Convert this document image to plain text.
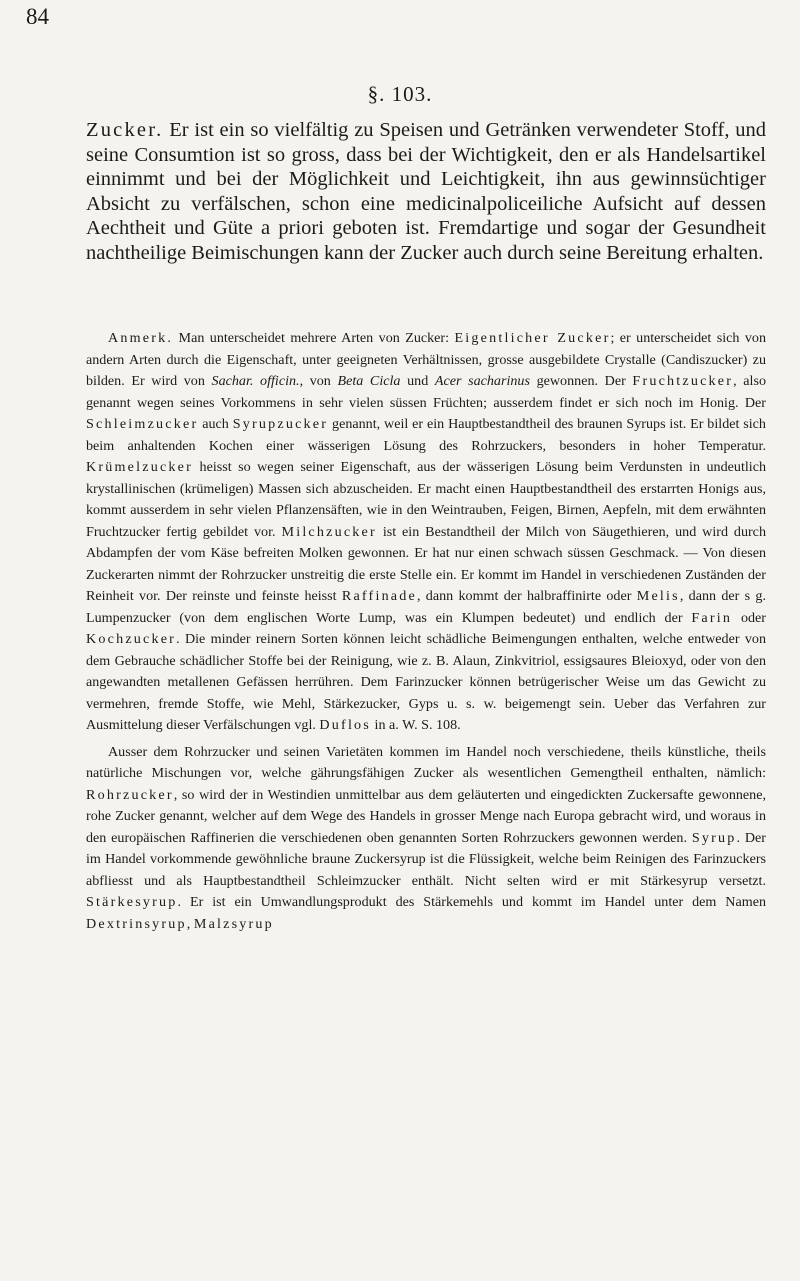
84
§. 103.

Zucker. Er ist ein so vielfältig zu Speisen und Getränken verwendeter Stoff, und seine Consumtion ist so gross, dass bei der Wichtigkeit, den er als Handelsartikel einnimmt und bei der Möglichkeit und Leichtigkeit, ihn aus gewinnsüchtiger Absicht zu verfälschen, schon eine medicinalpoliceiliche Aufsicht auf dessen Aechtheit und Güte a priori geboten ist. Fremdartige und sogar der Gesundheit nachtheilige Beimischungen kann der Zucker auch durch seine Bereitung erhalten.

Anmerk. Man unterscheidet mehrere Arten von Zucker: Eigentlicher Zucker; er unterscheidet sich von andern Arten durch die Eigenschaft, unter geeigneten Verhältnissen, grosse ausgebildete Crystalle (Candiszucker) zu bilden. Er wird von Sachar. officin., von Beta Cicla und Acer sacharinus gewonnen. Der Fruchtzucker, also genannt wegen seines Vorkommens in sehr vielen süssen Früchten; ausserdem findet er sich noch im Honig. Der Schleimzucker auch Syrupzucker genannt, weil er ein Hauptbestandtheil des braunen Syrups ist. Er bildet sich beim anhaltenden Kochen einer wässerigen Lösung des Rohrzuckers, besonders in hoher Temperatur. Krümelzucker heisst so wegen seiner Eigenschaft, aus der wässerigen Lösung beim Verdunsten in undeutlich krystallinischen (krümeligen) Massen sich abzuscheiden. Er macht einen Hauptbestandtheil des erstarrten Honigs aus, kommt ausserdem in sehr vielen Pflanzensäften, wie in den Weintrauben, Feigen, Birnen, Aepfeln, mit dem erwähnten Fruchtzucker fertig gebildet vor. Milchzucker ist ein Bestandtheil der Milch von Säugethieren, und wird durch Abdampfen der vom Käse befreiten Molken gewonnen. Er hat nur einen schwach süssen Geschmack. — Von diesen Zuckerarten nimmt der Rohrzucker unstreitig die erste Stelle ein. Er kommt im Handel in verschiedenen Zuständen der Reinheit vor. Der reinste und feinste heisst Raffinade, dann kommt der halbraffinirte oder Melis, dann der s g. Lumpenzucker (von dem englischen Worte Lump, was ein Klumpen bedeutet) und endlich der Farin oder Kochzucker. Die minder reinern Sorten können leicht schädliche Beimengungen enthalten, welche entweder von dem Gebrauche schädlicher Stoffe bei der Reinigung, wie z. B. Alaun, Zinkvitriol, essigsaures Bleioxyd, oder von den angewandten metallenen Gefässen herrühren. Dem Farinzucker können betrügerischer Weise um das Gewicht zu vermehren, fremde Stoffe, wie Mehl, Stärkezucker, Gyps u. s. w. beigemengt sein. Ueber das Verfahren zur Ausmittelung dieser Verfälschungen vgl. Duflos in a. W. S. 108.

Ausser dem Rohrzucker und seinen Varietäten kommen im Handel noch verschiedene, theils künstliche, theils natürliche Mischungen vor, welche gährungsfähigen Zucker als wesentlichen Gemengtheil enthalten, nämlich: Rohrzucker, so wird der in Westindien unmittelbar aus dem geläuterten und eingedickten Zuckersafte gewonnene, rohe Zucker genannt, welcher auf dem Wege des Handels in grosser Menge nach Europa gebracht wird, und woraus in den europäischen Raffinerien die verschiedenen oben genannten Sorten Rohrzuckers gewonnen werden. Syrup. Der im Handel vorkommende gewöhnliche braune Zuckersyrup ist die Flüssigkeit, welche beim Reinigen des Farinzuckers abfliesst und als Hauptbestandtheil Schleimzucker enthält. Nicht selten wird er mit Stärkesyrup versetzt. Stärkesyrup. Er ist ein Umwandlungsprodukt des Stärkemehls und kommt im Handel unter dem Namen Dextrinsyrup, Malzsyrup
